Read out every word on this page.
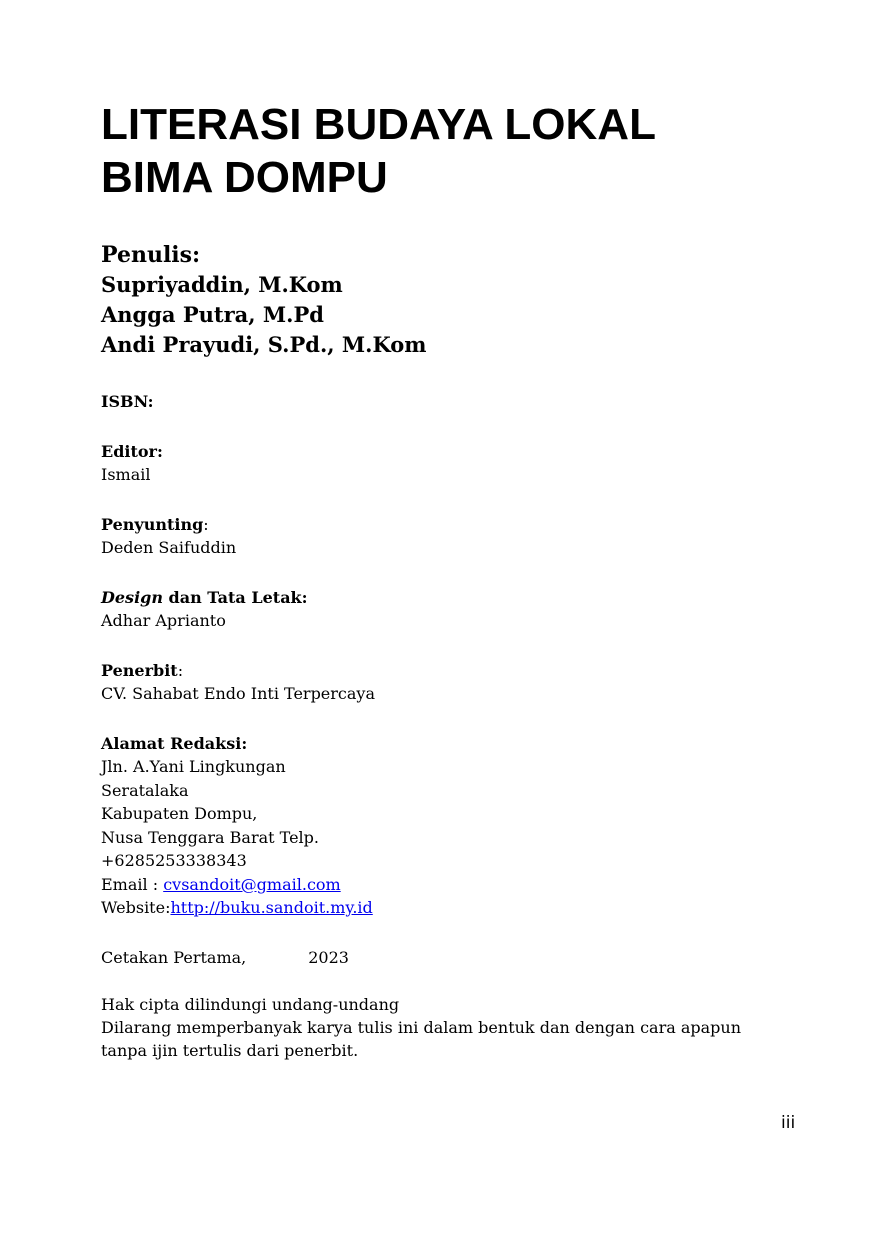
LITERASI BUDAYA LOKAL
BIMA DOMPU

Penulis:

Supriyaddin, M.Kom

Angga Putra, M.Pd

Andi Prayudi, S.Pd., M.Kom

ISBN:
Editor:
Ismail
Penyunting:
Deden Saifuddin
Design dan Tata Letak:
Adhar Aprianto
Penerbit:
CV. Sahabat Endo Inti Terpercaya
Alamat Redaksi:
Jln. A.Yani Lingkungan
Seratalaka
Kabupaten Dompu,
Nusa Tenggara Barat Telp.
+6285253338343
Email : cvsandoit@gmail.com
Website:http://buku.sandoit.my.id
Cetakan Pertama,	2023
Hak cipta dilindungi undang-undang
Dilarang memperbanyak karya tulis ini dalam bentuk dan dengan cara apapun
tanpa ijin tertulis dari penerbit.
iii
